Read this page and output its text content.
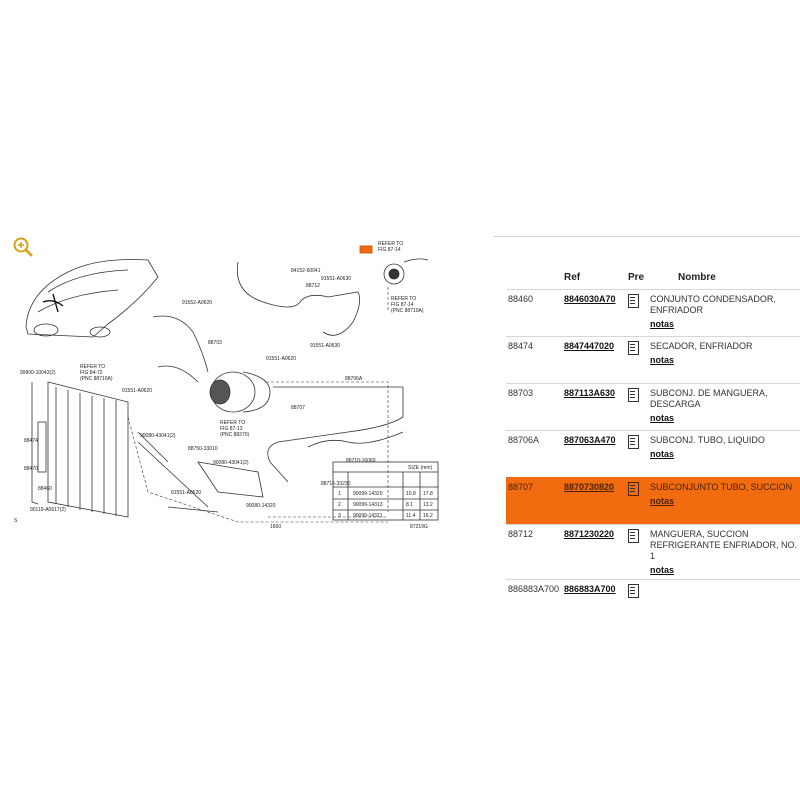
REFER TO
FIG 87-14
REFER TO
FIG 87-14
(PNC 88710A)
84152-60041
88712
91551-A0630
91552-A0620
88703	91551-A0630
91551-A0620
99900-10043(2)
REFER TO
FIG 84-72
(PNC 88710A)
91551-A0620
88706A
88707
REFER TO
FIG 87-13
(PNC 88370)
90080-43041(2)
88750-33010
90080-43041(2)	88710-16060
88716-33230
91551-A0620
90080-14320
88474
88470
88460
90119-A0617(2)
S
1600	87219G
SIZE (mm)
1 90099-14320	10.8 17.8
2 90099-14313	8.1 13.2
3 90099-14321	11.4 16.2
	Ref	Pre	Nombre
88460	8846030A70		CONJUNTO CONDENSADOR, ENFRIADOR
notas
88474	8847447020		SECADOR, ENFRIADOR
notas
88703	887113A630		SUBCONJ. DE MANGUERA, DESCARGA
notas
88706A	887063A470		SUBCONJ. TUBO, LIQUIDO
notas
88707	8870730820		SUBCONJUNTO TUBO, SUCCION
notas
88712	8871230220		MANGUERA, SUCCION REFRIGERANTE ENFRIADOR, NO. 1
notas
886883A700	886883A700		
